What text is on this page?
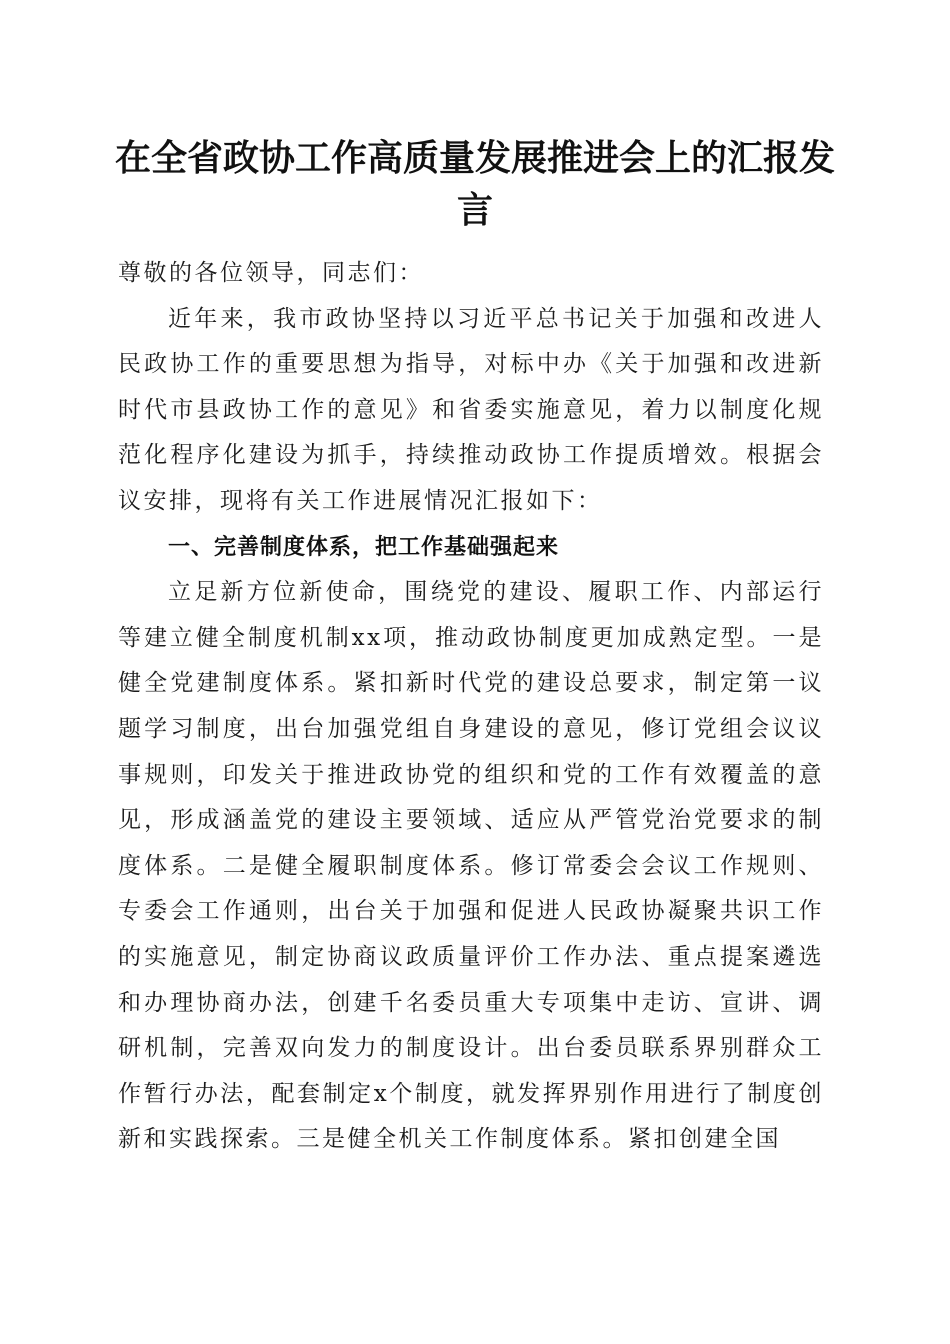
在全省政协工作高质量发展推进会上的汇报发言

尊敬的各位领导，同志们：

近年来，我市政协坚持以习近平总书记关于加强和改进人民政协工作的重要思想为指导，对标中办《关于加强和改进新时代市县政协工作的意见》和省委实施意见，着力以制度化规范化程序化建设为抓手，持续推动政协工作提质增效。根据会议安排，现将有关工作进展情况汇报如下：

一、完善制度体系，把工作基础强起来

立足新方位新使命，围绕党的建设、履职工作、内部运行等建立健全制度机制xx项，推动政协制度更加成熟定型。一是健全党建制度体系。紧扣新时代党的建设总要求，制定第一议题学习制度，出台加强党组自身建设的意见，修订党组会议议事规则，印发关于推进政协党的组织和党的工作有效覆盖的意见，形成涵盖党的建设主要领域、适应从严管党治党要求的制度体系。二是健全履职制度体系。修订常委会会议工作规则、专委会工作通则，出台关于加强和促进人民政协凝聚共识工作的实施意见，制定协商议政质量评价工作办法、重点提案遴选和办理协商办法，创建千名委员重大专项集中走访、宣讲、调研机制，完善双向发力的制度设计。出台委员联系界别群众工作暂行办法，配套制定x个制度，就发挥界别作用进行了制度创新和实践探索。三是健全机关工作制度体系。紧扣创建全国
